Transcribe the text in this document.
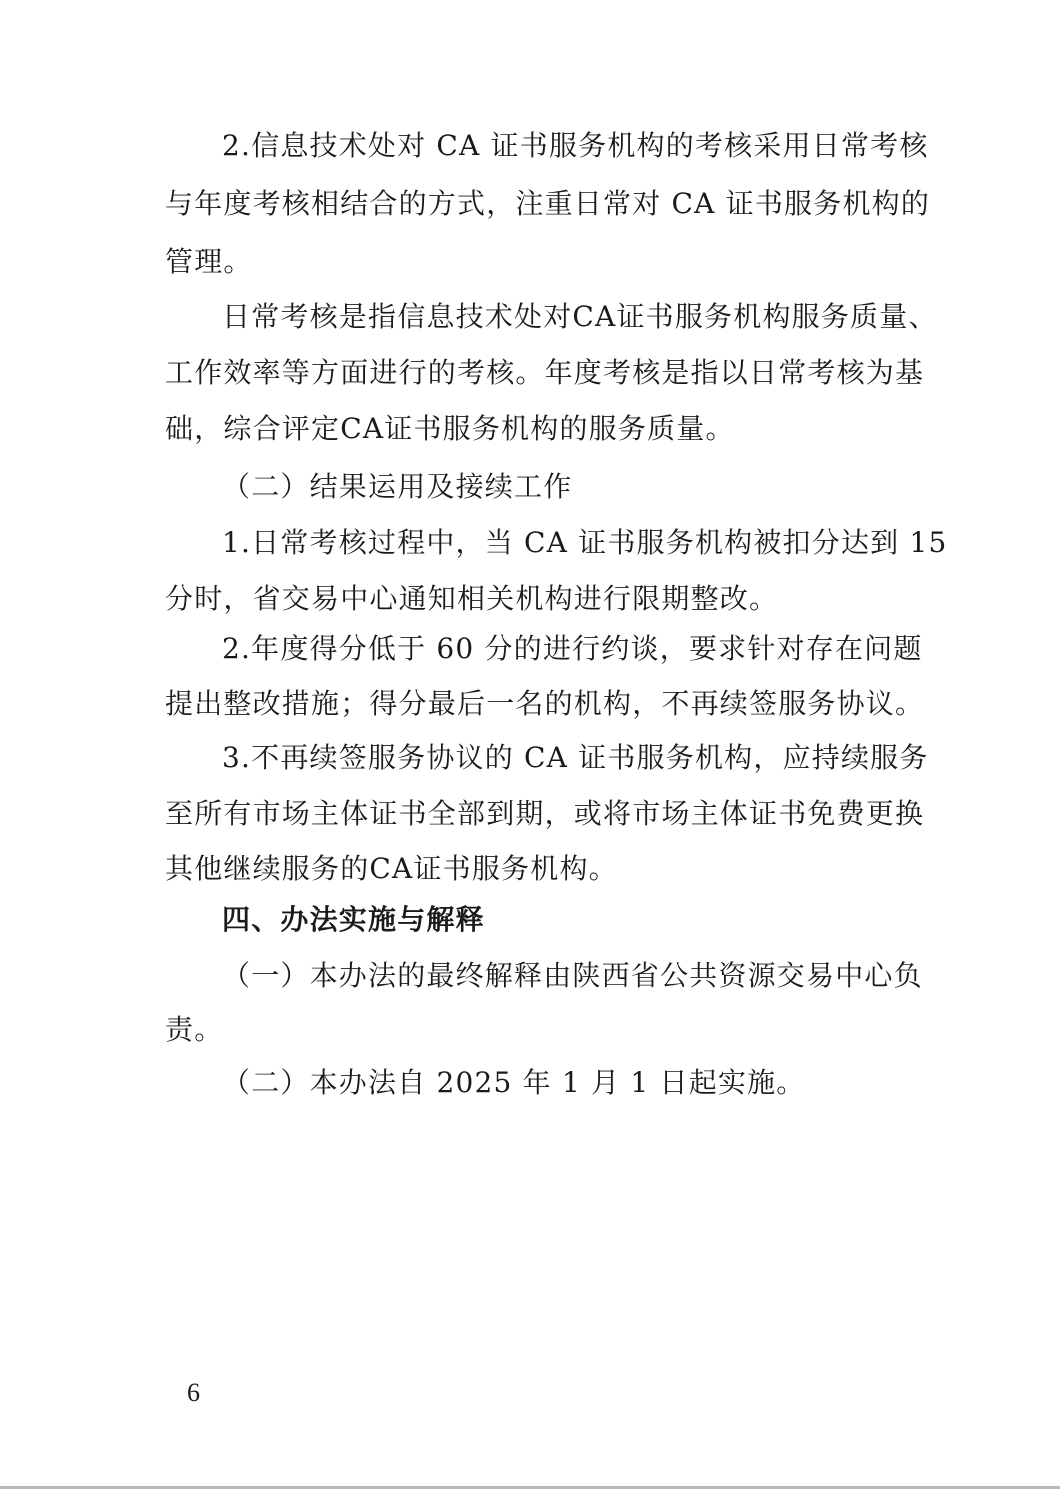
2.信息技术处对 CA 证书服务机构的考核采用日常考核
与年度考核相结合的方式，注重日常对 CA 证书服务机构的
管理。
日常考核是指信息技术处对CA证书服务机构服务质量、
工作效率等方面进行的考核。年度考核是指以日常考核为基
础，综合评定CA证书服务机构的服务质量。
（二）结果运用及接续工作
1.日常考核过程中，当 CA 证书服务机构被扣分达到 15
分时，省交易中心通知相关机构进行限期整改。
2.年度得分低于 60 分的进行约谈，要求针对存在问题
提出整改措施；得分最后一名的机构，不再续签服务协议。
3.不再续签服务协议的 CA 证书服务机构，应持续服务
至所有市场主体证书全部到期，或将市场主体证书免费更换
其他继续服务的CA证书服务机构。
四、办法实施与解释
（一）本办法的最终解释由陕西省公共资源交易中心负
责。
（二）本办法自 2025 年 1 月 1 日起实施。
6
